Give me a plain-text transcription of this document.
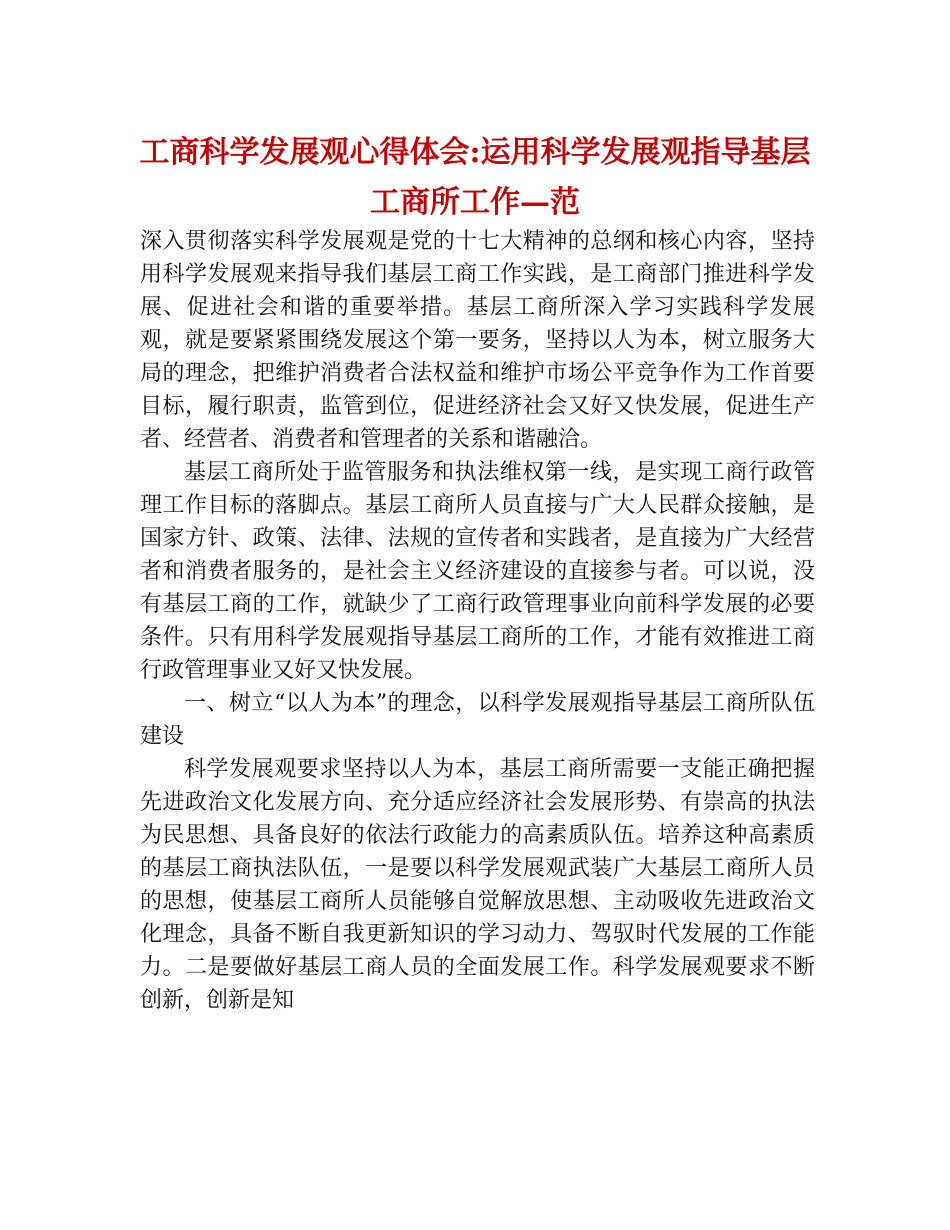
工商科学发展观心得体会:运用科学发展观指导基层工商所工作—范

深入贯彻落实科学发展观是党的十七大精神的总纲和核心内容，坚持用科学发展观来指导我们基层工商工作实践，是工商部门推进科学发展、促进社会和谐的重要举措。基层工商所深入学习实践科学发展观，就是要紧紧围绕发展这个第一要务，坚持以人为本，树立服务大局的理念，把维护消费者合法权益和维护市场公平竞争作为工作首要目标，履行职责，监管到位，促进经济社会又好又快发展，促进生产者、经营者、消费者和管理者的关系和谐融洽。

基层工商所处于监管服务和执法维权第一线，是实现工商行政管理工作目标的落脚点。基层工商所人员直接与广大人民群众接触，是国家方针、政策、法律、法规的宣传者和实践者，是直接为广大经营者和消费者服务的，是社会主义经济建设的直接参与者。可以说，没有基层工商的工作，就缺少了工商行政管理事业向前科学发展的必要条件。只有用科学发展观指导基层工商所的工作，才能有效推进工商行政管理事业又好又快发展。

一、树立“以人为本”的理念，以科学发展观指导基层工商所队伍建设

科学发展观要求坚持以人为本，基层工商所需要一支能正确把握先进政治文化发展方向、充分适应经济社会发展形势、有崇高的执法为民思想、具备良好的依法行政能力的高素质队伍。培养这种高素质的基层工商执法队伍，一是要以科学发展观武装广大基层工商所人员的思想，使基层工商所人员能够自觉解放思想、主动吸收先进政治文化理念，具备不断自我更新知识的学习动力、驾驭时代发展的工作能力。二是要做好基层工商人员的全面发展工作。科学发展观要求不断创新，创新是知
